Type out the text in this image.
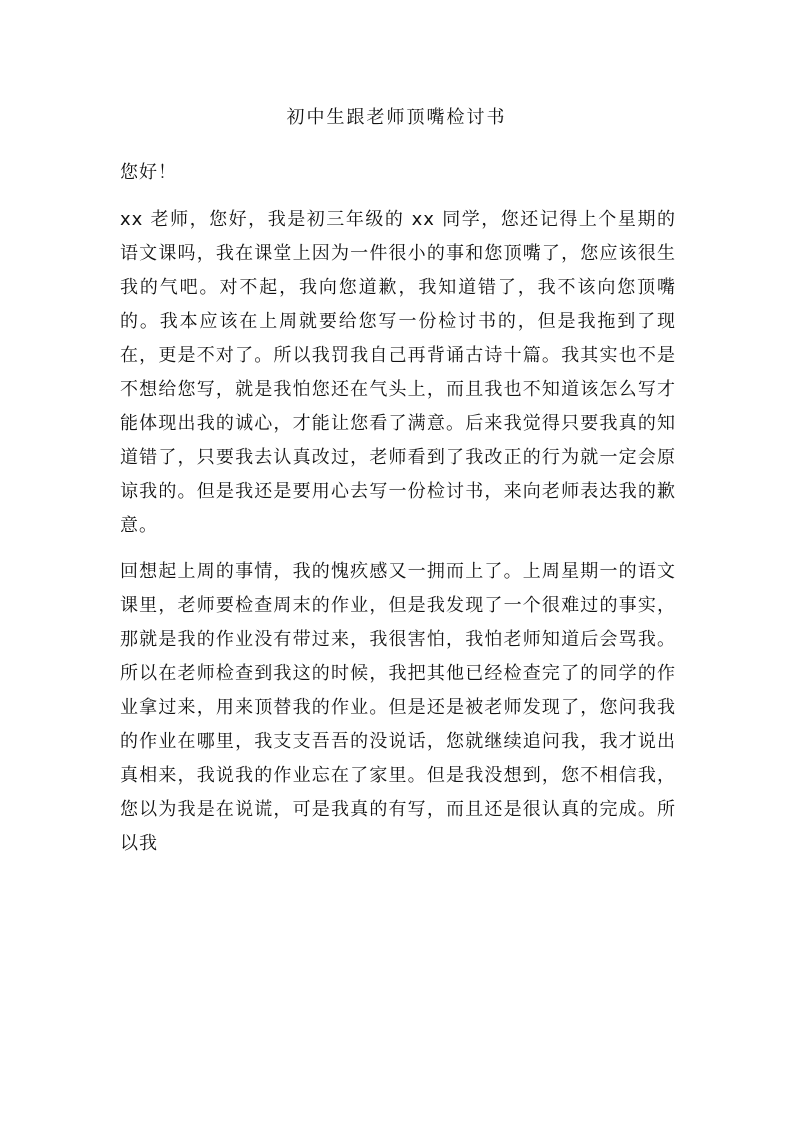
初中生跟老师顶嘴检讨书

您好！

xx 老师，您好，我是初三年级的 xx 同学，您还记得上个星期的语文课吗，我在课堂上因为一件很小的事和您顶嘴了，您应该很生我的气吧。对不起，我向您道歉，我知道错了，我不该向您顶嘴的。我本应该在上周就要给您写一份检讨书的，但是我拖到了现在，更是不对了。所以我罚我自己再背诵古诗十篇。我其实也不是不想给您写，就是我怕您还在气头上，而且我也不知道该怎么写才能体现出我的诚心，才能让您看了满意。后来我觉得只要我真的知道错了，只要我去认真改过，老师看到了我改正的行为就一定会原谅我的。但是我还是要用心去写一份检讨书，来向老师表达我的歉意。

回想起上周的事情，我的愧疚感又一拥而上了。上周星期一的语文课里，老师要检查周末的作业，但是我发现了一个很难过的事实，那就是我的作业没有带过来，我很害怕，我怕老师知道后会骂我。所以在老师检查到我这的时候，我把其他已经检查完了的同学的作业拿过来，用来顶替我的作业。但是还是被老师发现了，您问我我的作业在哪里，我支支吾吾的没说话，您就继续追问我，我才说出真相来，我说我的作业忘在了家里。但是我没想到，您不相信我，您以为我是在说谎，可是我真的有写，而且还是很认真的完成。所以我
